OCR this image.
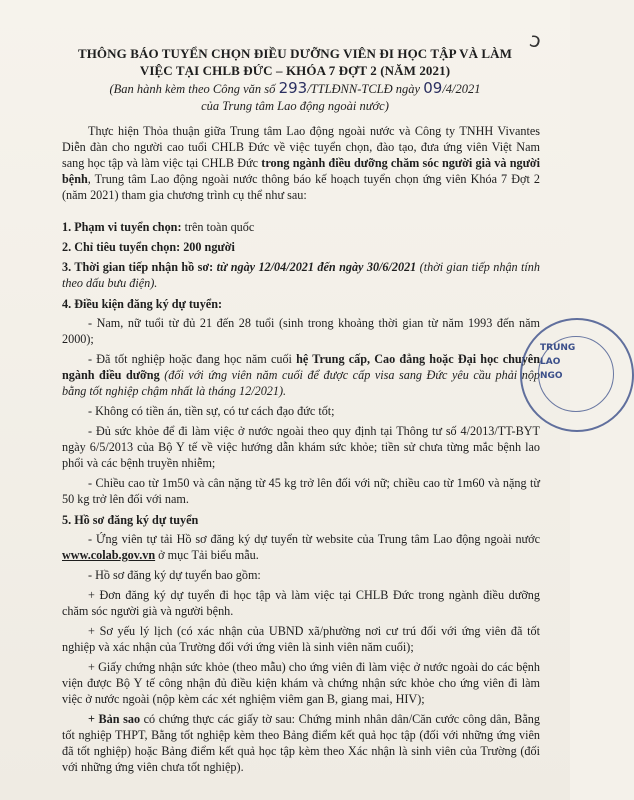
ɔ
THÔNG BÁO TUYỂN CHỌN ĐIỀU DƯỠNG VIÊN ĐI HỌC TẬP VÀ LÀM
VIỆC TẠI CHLB ĐỨC – KHÓA 7 ĐỢT 2 (NĂM 2021)
(Ban hành kèm theo Công văn số 293/TTLĐNN-TCLĐ ngày 09/4/2021
của Trung tâm Lao động ngoài nước)
Thực hiện Thỏa thuận giữa Trung tâm Lao động ngoài nước và Công ty TNHH Vivantes Diễn đàn cho người cao tuổi CHLB Đức về việc tuyển chọn, đào tạo, đưa ứng viên Việt Nam sang học tập và làm việc tại CHLB Đức trong ngành điều dưỡng chăm sóc người già và người bệnh, Trung tâm Lao động ngoài nước thông báo kế hoạch tuyển chọn ứng viên Khóa 7 Đợt 2 (năm 2021) tham gia chương trình cụ thể như sau:
1. Phạm vi tuyển chọn: trên toàn quốc
2. Chỉ tiêu tuyển chọn: 200 người
3. Thời gian tiếp nhận hồ sơ: từ ngày 12/04/2021 đến ngày 30/6/2021 (thời gian tiếp nhận tính theo dấu bưu điện).
4. Điều kiện đăng ký dự tuyển:
- Nam, nữ tuổi từ đủ 21 đến 28 tuổi (sinh trong khoảng thời gian từ năm 1993 đến năm 2000);
- Đã tốt nghiệp hoặc đang học năm cuối hệ Trung cấp, Cao đẳng hoặc Đại học chuyên ngành điều dưỡng (đối với ứng viên năm cuối để được cấp visa sang Đức yêu cầu phải nộp bằng tốt nghiệp chậm nhất là tháng 12/2021).
- Không có tiền án, tiền sự, có tư cách đạo đức tốt;
- Đủ sức khỏe để đi làm việc ở nước ngoài theo quy định tại Thông tư số 4/2013/TT-BYT ngày 6/5/2013 của Bộ Y tế về việc hướng dẫn khám sức khỏe; tiền sử chưa từng mắc bệnh lao phổi và các bệnh truyền nhiễm;
- Chiều cao từ 1m50 và cân nặng từ 45 kg trở lên đối với nữ; chiều cao từ 1m60 và nặng từ 50 kg trở lên đối với nam.
5. Hồ sơ đăng ký dự tuyển
- Ứng viên tự tải Hồ sơ đăng ký dự tuyển từ website của Trung tâm Lao động ngoài nước www.colab.gov.vn ở mục Tải biểu mẫu.
- Hồ sơ đăng ký dự tuyển bao gồm:
+ Đơn đăng ký dự tuyển đi học tập và làm việc tại CHLB Đức trong ngành điều dưỡng chăm sóc người già và người bệnh.
+ Sơ yếu lý lịch (có xác nhận của UBND xã/phường nơi cư trú đối với ứng viên đã tốt nghiệp và xác nhận của Trường đối với ứng viên là sinh viên năm cuối);
+ Giấy chứng nhận sức khỏe (theo mẫu) cho ứng viên đi làm việc ở nước ngoài do các bệnh viện được Bộ Y tế công nhận đủ điều kiện khám và chứng nhận sức khỏe cho ứng viên đi làm việc ở nước ngoài (nộp kèm các xét nghiệm viêm gan B, giang mai, HIV);
+ Bản sao có chứng thực các giấy tờ sau: Chứng minh nhân dân/Căn cước công dân, Bằng tốt nghiệp THPT, Bằng tốt nghiệp kèm theo Bảng điểm kết quả học tập (đối với những ứng viên đã tốt nghiệp) hoặc Bảng điểm kết quả học tập kèm theo Xác nhận là sinh viên của Trường (đối với những ứng viên chưa tốt nghiệp).
TRUNG
LAO
NGO
